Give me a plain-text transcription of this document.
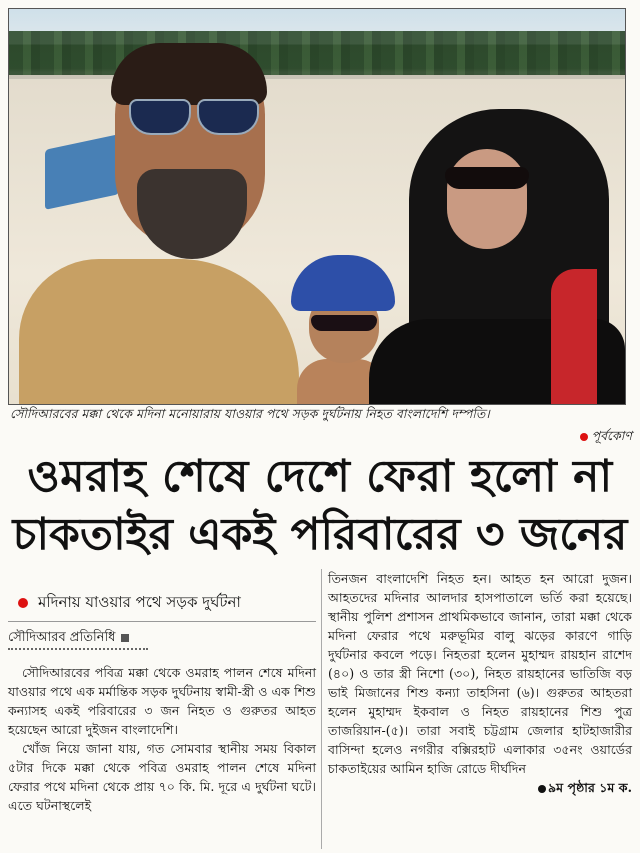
সৌদিআরবের মক্কা থেকে মদিনা মনোয়ারায় যাওয়ার পথে সড়ক দুর্ঘটনায় নিহত বাংলাদেশি দম্পতি।
পূর্বকোণ
ওমরাহ শেষে দেশে ফেরা হলো না
চাকতাইর একই পরিবারের ৩ জনের
মদিনায় যাওয়ার পথে সড়ক দুর্ঘটনা
সৌদিআরব প্রতিনিধি

সৌদিআরবের পবিত্র মক্কা থেকে ওমরাহ পালন শেষে মদিনা যাওয়ার পথে এক মর্মান্তিক সড়ক দুর্ঘটনায় স্বামী-স্ত্রী ও এক শিশু কন্যাসহ একই পরিবারের ৩ জন নিহত ও গুরুতর আহত হয়েছেন আরো দুইজন বাংলাদেশি।

খোঁজ নিয়ে জানা যায়, গত সোমবার স্থানীয় সময় বিকাল ৫টার দিকে মক্কা থেকে পবিত্র ওমরাহ পালন শেষে মদিনা ফেরার পথে মদিনা থেকে প্রায় ৭০ কি. মি. দূরে এ দুর্ঘটনা ঘটে। এতে ঘটনাস্থলেই

তিনজন বাংলাদেশি নিহত হন। আহত হন আরো দুজন। আহতদের মদিনার আলদার হাসপাতালে ভর্তি করা হয়েছে। স্থানীয় পুলিশ প্রশাসন প্রাথমিকভাবে জানান, তারা মক্কা থেকে মদিনা ফেরার পথে মরুভূমির বালু ঝড়ের কারণে গাড়ি দুর্ঘটনার কবলে পড়ে। নিহতরা হলেন মুহাম্মদ রায়হান রাশেদ (৪০) ও তার স্ত্রী নিশো (৩০), নিহত রায়হানের ভাতিজি বড় ভাই মিজানের শিশু কন্যা তাহসিনা (৬)। গুরুতর আহতরা হলেন মুহাম্মদ ইকবাল ও নিহত রায়হানের শিশু পুত্র তাজরিয়ান-(৫)। তারা সবাই চট্টগ্রাম জেলার হাটহাজারীর বাসিন্দা হলেও নগরীর বক্সিরহাট এলাকার ৩৫নং ওয়ার্ডের চাকতাইয়ের আমিন হাজি রোডে দীর্ঘদিন

৯ম পৃষ্ঠার ১ম ক.
